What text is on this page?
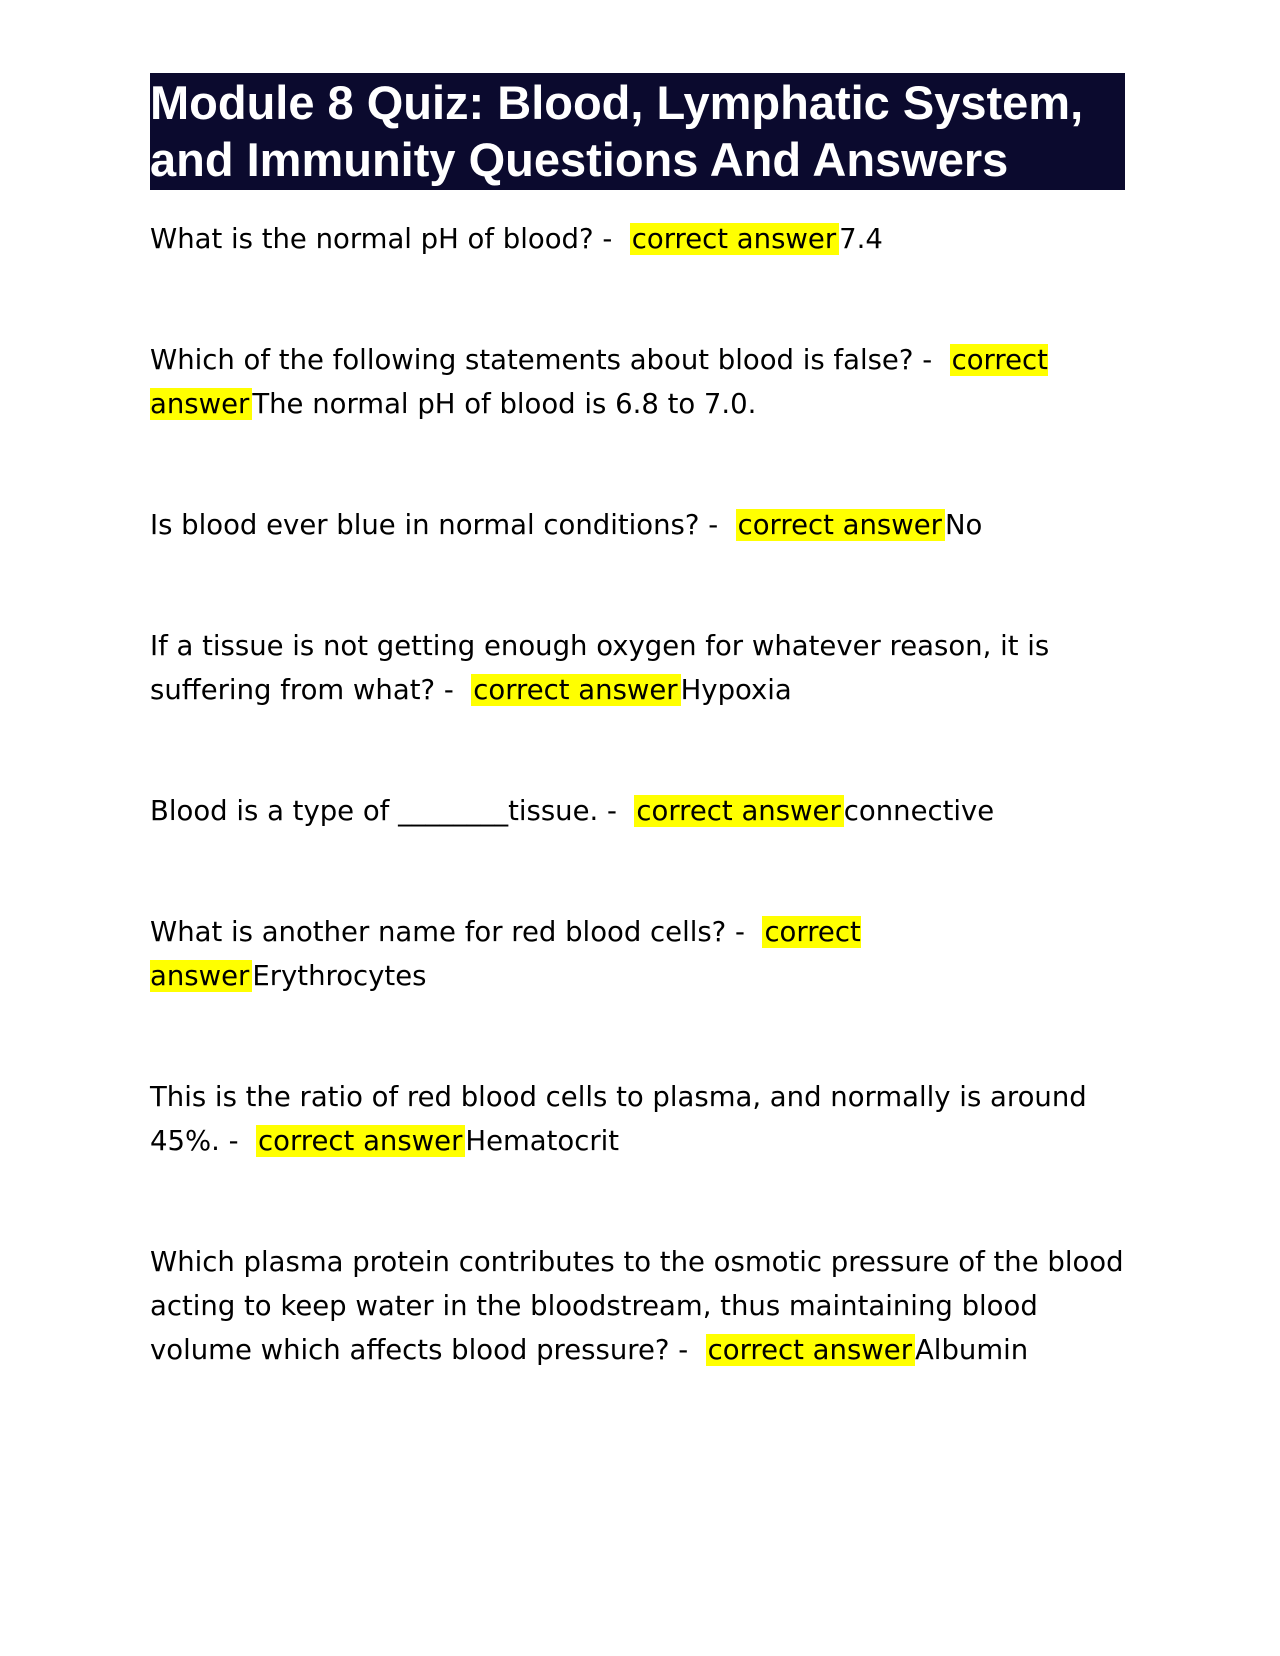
Module 8 Quiz: Blood, Lymphatic System, and Immunity Questions And Answers
What is the normal pH of blood? -  correct answer 7.4
Which of the following statements about blood is false? -  correct answer The normal pH of blood is 6.8 to 7.0.
Is blood ever blue in normal conditions? -  correct answer No
If a tissue is not getting enough oxygen for whatever reason, it is suffering from what? -  correct answer Hypoxia
Blood is a type of ________tissue. -  correct answer connective
What is another name for red blood cells? -  correct answer Erythrocytes
This is the ratio of red blood cells to plasma, and normally is around 45%. -  correct answer Hematocrit
Which plasma protein contributes to the osmotic pressure of the blood acting to keep water in the bloodstream, thus maintaining blood volume which affects blood pressure? -  correct answer Albumin
